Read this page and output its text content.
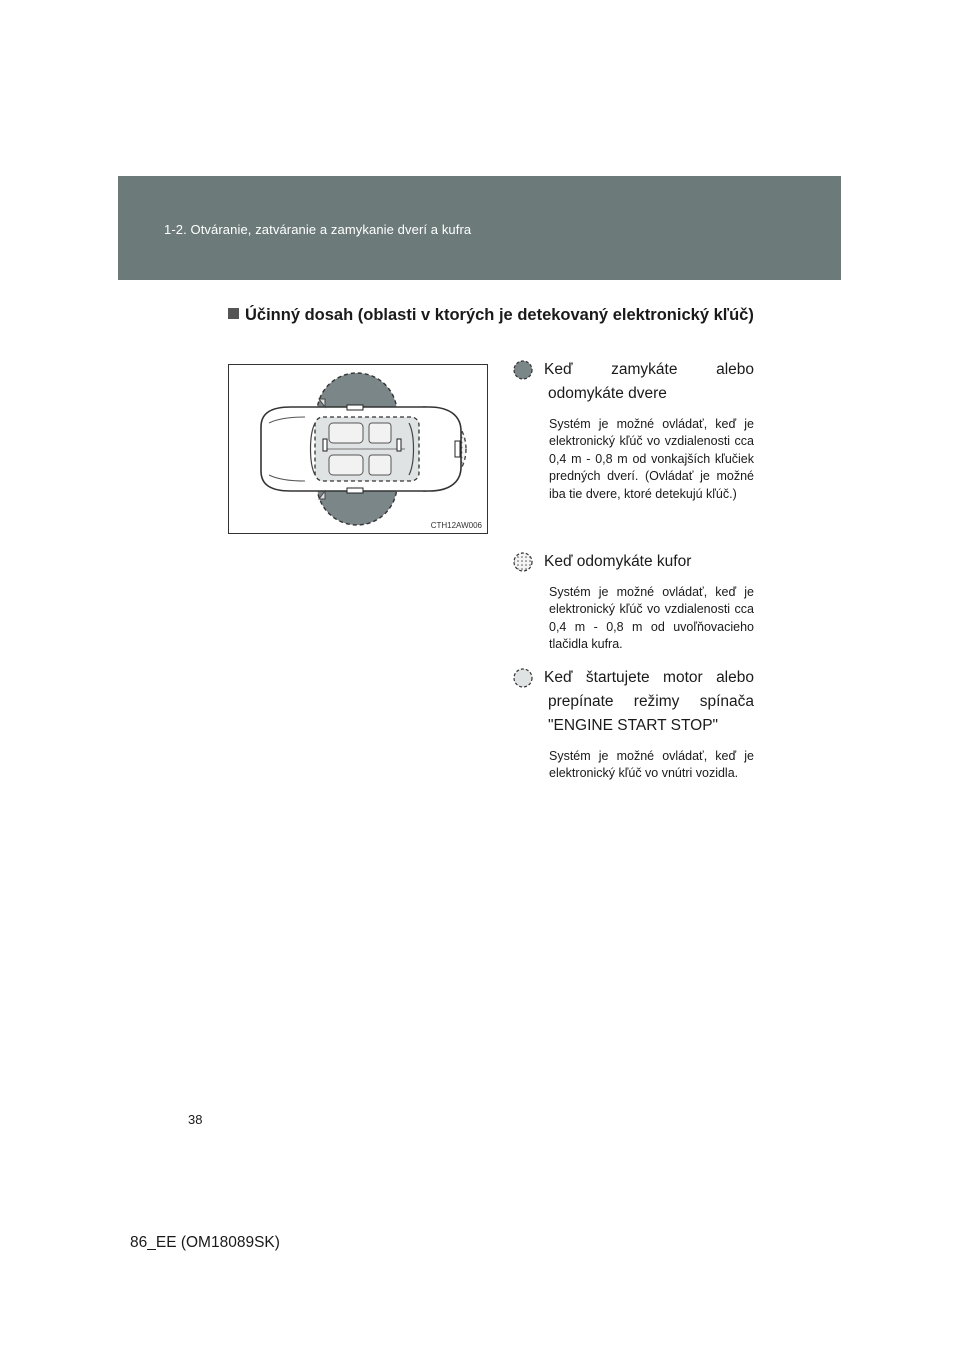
1-2. Otváranie, zatváranie a zamykanie dverí a kufra
Účinný dosah (oblasti v ktorých je detekovaný elektronický kľúč)
CTH12AW006
Keď zamykáte alebo odomykáte dvere
Systém je možné ovládať, keď je elektronický kľúč vo vzdialenosti cca 0,4 m - 0,8 m od vonkajších kľučiek predných dverí. (Ovládať je možné iba tie dvere, ktoré detekujú kľúč.)
Keď odomykáte kufor
Systém je možné ovládať, keď je elektronický kľúč vo vzdialenosti cca 0,4 m - 0,8 m od uvoľňovacieho tlačidla kufra.
Keď štartujete motor alebo prepínate režimy spínača "ENGINE START STOP"
Systém je možné ovládať, keď je elektronický kľúč vo vnútri vozidla.
38
86_EE (OM18089SK)
